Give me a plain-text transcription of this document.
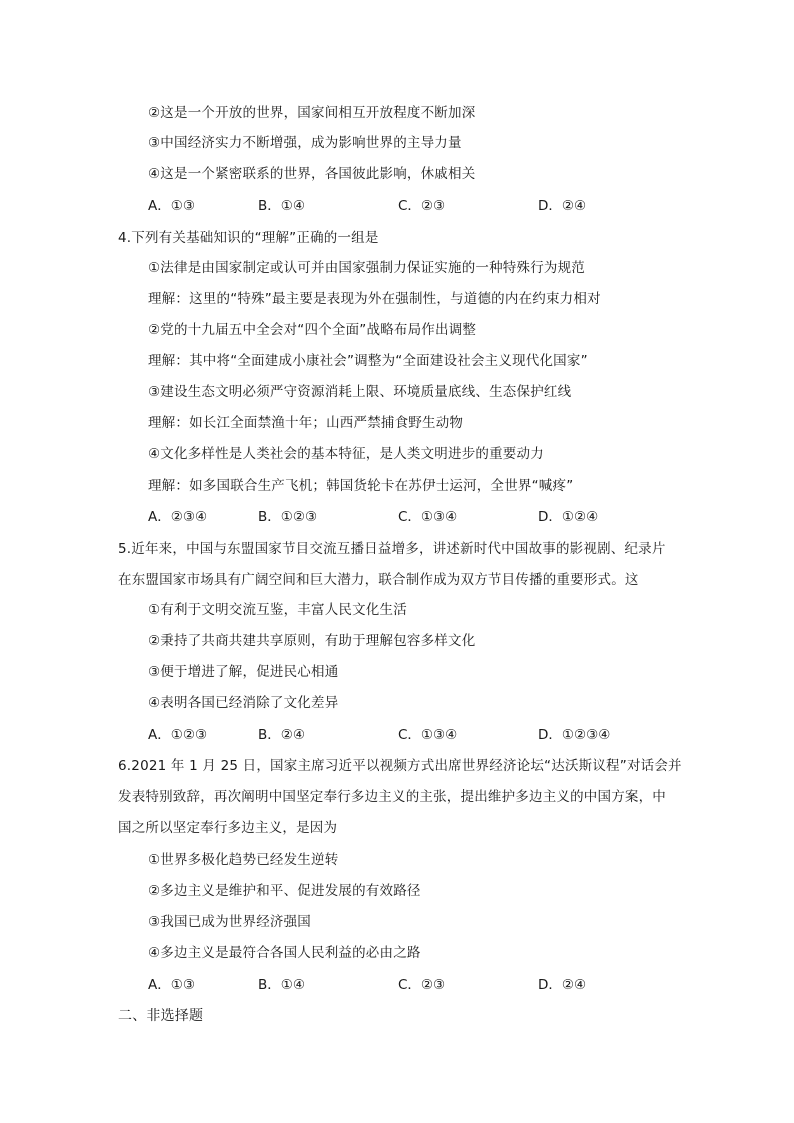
②这是一个开放的世界，国家间相互开放程度不断加深
③中国经济实力不断增强，成为影响世界的主导力量
④这是一个紧密联系的世界，各国彼此影响，休戚相关
A．①③	B．①④	C．②③	D．②④
4.下列有关基础知识的“理解”正确的一组是
①法律是由国家制定或认可并由国家强制力保证实施的一种特殊行为规范
理解：这里的“特殊”最主要是表现为外在强制性，与道德的内在约束力相对
②党的十九届五中全会对“四个全面”战略布局作出调整
理解：其中将“全面建成小康社会”调整为“全面建设社会主义现代化国家”
③建设生态文明必须严守资源消耗上限、环境质量底线、生态保护红线
理解：如长江全面禁渔十年；山西严禁捕食野生动物
④文化多样性是人类社会的基本特征，是人类文明进步的重要动力
理解：如多国联合生产飞机；韩国货轮卡在苏伊士运河，全世界“喊疼”
A．②③④	B．①②③	C．①③④	D．①②④
5.近年来，中国与东盟国家节目交流互播日益增多，讲述新时代中国故事的影视剧、纪录片
在东盟国家市场具有广阔空间和巨大潜力，联合制作成为双方节目传播的重要形式。这
①有利于文明交流互鉴，丰富人民文化生活
②秉持了共商共建共享原则，有助于理解包容多样文化
③便于增进了解，促进民心相通
④表明各国已经消除了文化差异
A．①②③	B．②④	C．①③④	D．①②③④
6.2021 年 1 月 25 日，国家主席习近平以视频方式出席世界经济论坛“达沃斯议程”对话会并
发表特别致辞，再次阐明中国坚定奉行多边主义的主张，提出维护多边主义的中国方案，中
国之所以坚定奉行多边主义，是因为
①世界多极化趋势已经发生逆转
②多边主义是维护和平、促进发展的有效路径
③我国已成为世界经济强国
④多边主义是最符合各国人民利益的必由之路
A．①③	B．①④	C．②③	D．②④
二、非选择题
